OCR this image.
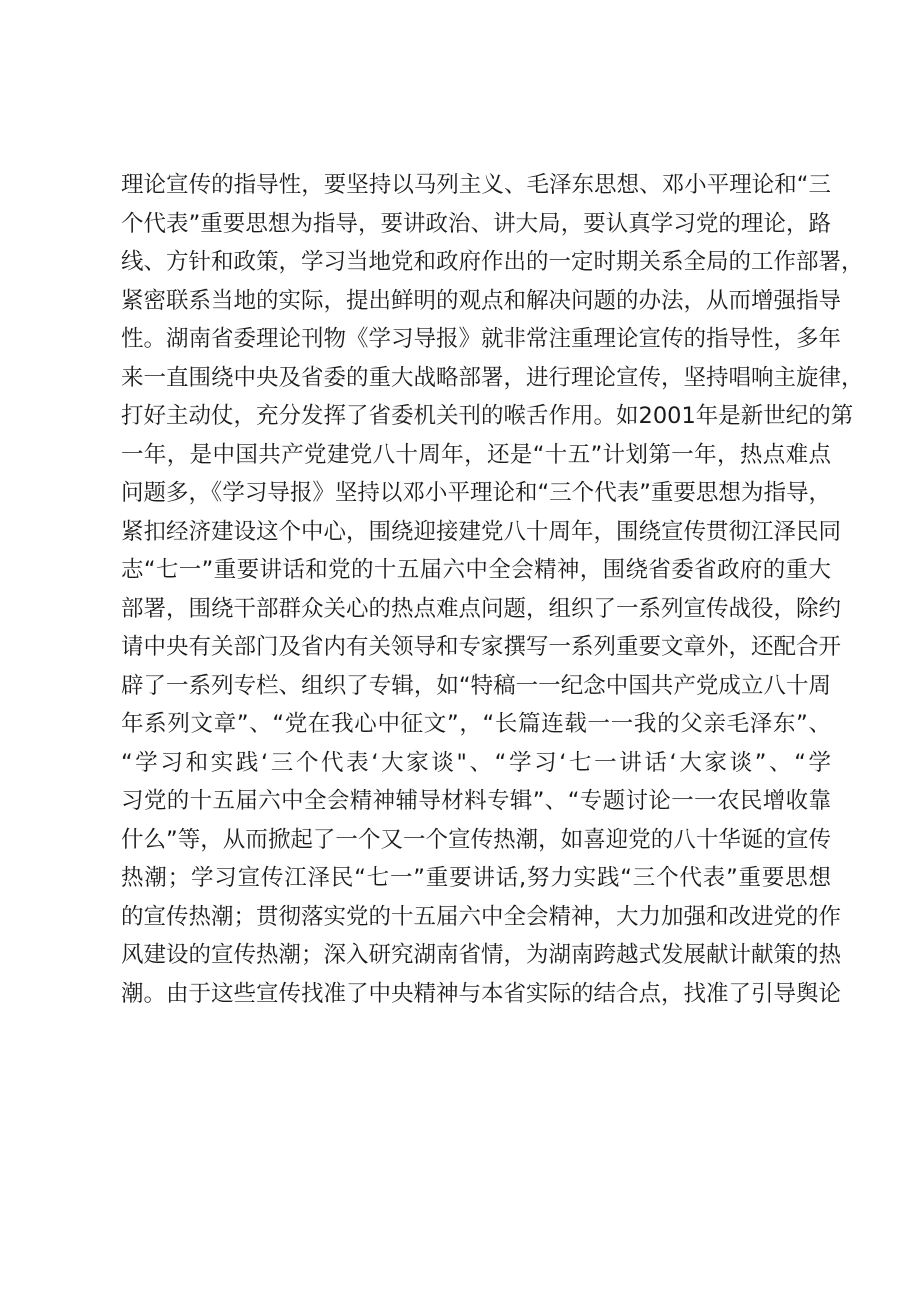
理论宣传的指导性，要坚持以马列主义、毛泽东思想、邓小平理论和“三
个代表”重要思想为指导，要讲政治、讲大局，要认真学习党的理论，路
线、方针和政策，学习当地党和政府作出的一定时期关系全局的工作部署，
紧密联系当地的实际，提出鲜明的观点和解决问题的办法，从而增强指导
性。湖南省委理论刊物《学习导报》就非常注重理论宣传的指导性，多年
来一直围绕中央及省委的重大战略部署，进行理论宣传，坚持唱响主旋律，
打好主动仗，充分发挥了省委机关刊的喉舌作用。如2001年是新世纪的第
一年，是中国共产党建党八十周年，还是“十五”计划第一年，热点难点
问题多，《学习导报》坚持以邓小平理论和“三个代表”重要思想为指导，
紧扣经济建设这个中心，围绕迎接建党八十周年，围绕宣传贯彻江泽民同
志“七一”重要讲话和党的十五届六中全会精神，围绕省委省政府的重大
部署，围绕干部群众关心的热点难点问题，组织了一系列宣传战役，除约
请中央有关部门及省内有关领导和专家撰写一系列重要文章外，还配合开
辟了一系列专栏、组织了专辑，如“特稿一一纪念中国共产党成立八十周
年系列文章”、“党在我心中征文”，“长篇连载一一我的父亲毛泽东”、
“学习和实践‘三个代表‘大家谈"、“学习‘七一讲话‘大家谈”、“学
习党的十五届六中全会精神辅导材料专辑”、“专题讨论一一农民增收靠
什么”等，从而掀起了一个又一个宣传热潮，如喜迎党的八十华诞的宣传
热潮；学习宣传江泽民“七一”重要讲话,努力实践“三个代表”重要思想
的宣传热潮；贯彻落实党的十五届六中全会精神，大力加强和改进党的作
风建设的宣传热潮；深入研究湖南省情，为湖南跨越式发展献计献策的热
潮。由于这些宣传找准了中央精神与本省实际的结合点，找准了引导舆论
